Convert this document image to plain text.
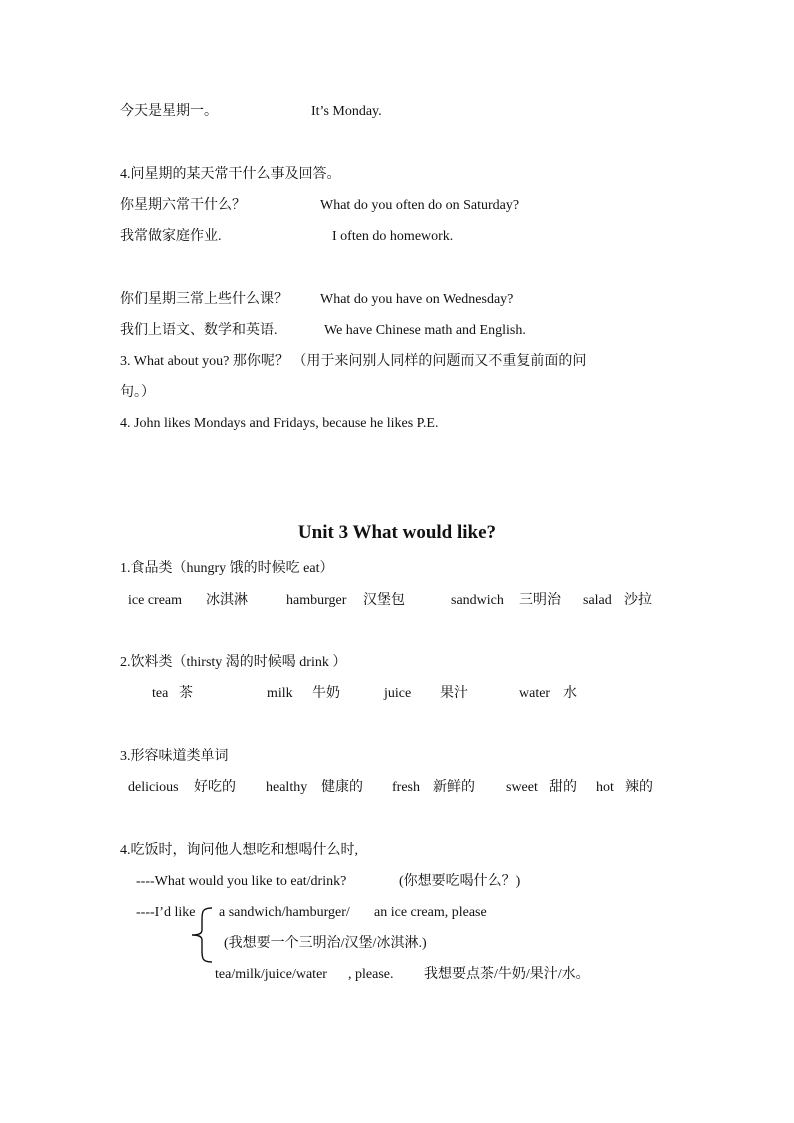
Unit 3 What would like?
今天是星期一。	It’s Monday.
4.问星期的某天常干什么事及回答。
你星期六常干什么？	What do you often do on Saturday?
我常做家庭作业.	I often do homework.
你们星期三常上些什么课？ What do you have on Wednesday?
我们上语文、数学和英语.	We have Chinese math and English.
3. What about you? 那你呢？ （用于来问别人同样的问题而又不重复前面的问
句。）
4. John likes Mondays and Fridays, because he likes P.E.
1.食品类（hungry 饿的时候吃 eat）
ice cream 冰淇淋	hamburger 汉堡包	sandwich 三明治 salad 沙拉
2.饮料类（thirsty 渴的时候喝 drink ）
tea 茶	milk 牛奶	juice 果汁	water 水
3.形容味道类单词
delicious 好吃的 healthy 健康的 fresh 新鲜的 sweet 甜的 hot 辣的
4.吃饭时，询问他人想吃和想喝什么时,
----What would you like to eat/drink?	(你想要吃喝什么？)
----I’d like a sandwich/hamburger/ an ice cream, please
(我想要一个三明治/汉堡/冰淇淋.)
tea/milk/juice/water , please. 我想要点茶/牛奶/果汁/水。
